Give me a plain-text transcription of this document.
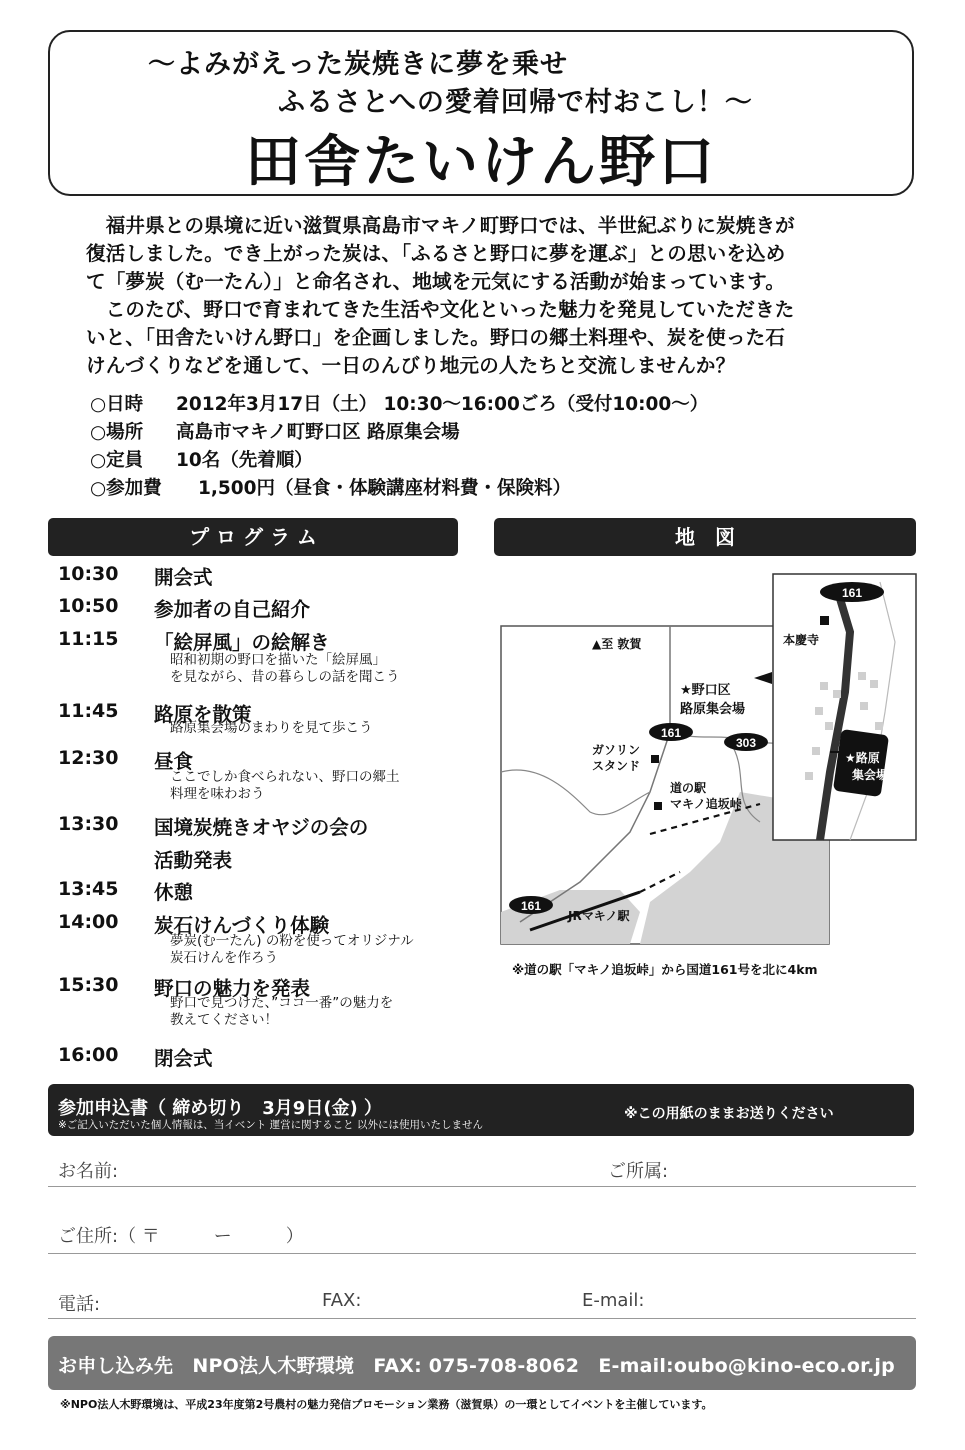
～よみがえった炭焼きに夢を乗せ
ふるさとへの愛着回帰で村おこし！～
田舎たいけん野口
　福井県との県境に近い滋賀県高島市マキノ町野口では、半世紀ぶりに炭焼きが
復活しました。でき上がった炭は、「ふるさと野口に夢を運ぶ」との思いを込め
て「夢炭（む一たん）」と命名され、地域を元気にする活動が始まっています。
　このたび、野口で育まれてきた生活や文化といった魅力を発見していただきた
いと、「田舎たいけん野口」を企画しました。野口の郷土料理や、炭を使った石
けんづくりなどを通して、一日のんびり地元の人たちと交流しませんか？
○日時 2012年3月17日（土） 10:30～16:00ごろ（受付10:00～）
○場所 高島市マキノ町野口区 路原集会場
○定員 10名（先着順）
○参加費 1,500円（昼食・体験講座材料費・保険料）
プ ロ グ ラ ム	地　図
10:30 開会式
10:50 参加者の自己紹介
11:15 「絵屏風」の絵解き
昭和初期の野口を描いた「絵屏風」
を見ながら、昔の暮らしの話を聞こう
11:45 路原を散策
路原集会場のまわりを見て歩こう
12:30 昼食
ここでしか食べられない、野口の郷土
料理を味わおう
13:30 国境炭焼きオヤジの会の
活動発表
13:45 休憩
14:00 炭石けんづくり体験
夢炭(む一たん) の粉を使ってオリジナル
炭石けんを作ろう
15:30 野口の魅力を発表
野口で見つけた、”ココ一番”の魅力を
教えてください！
16:00 閉会式
161
303
161
▲至 敦賀
★野口区
路原集会場
ガソリン
スタンド
道の駅
マキノ追坂峠
JRマキノ駅
161
本慶寺
★路原
集会場
※道の駅「マキノ追坂峠」から国道161号を北に4km
参加申込書（ 締め切り　3月9日(金) ）
※ご記入いただいた個人情報は、当イベント 運営に関すること 以外には使用いたしません
※この用紙のままお送りください
お名前:	ご所属:
ご住所:（ 〒　　　ー　　　）
電話:	FAX:	E-mail:
お申し込み先　NPO法人木野環境　FAX: 075-708-8062　E-mail:oubo@kino-eco.or.jp
※NPO法人木野環境は、平成23年度第2号農村の魅力発信プロモーション業務（滋賀県）の一環としてイベントを主催しています。
